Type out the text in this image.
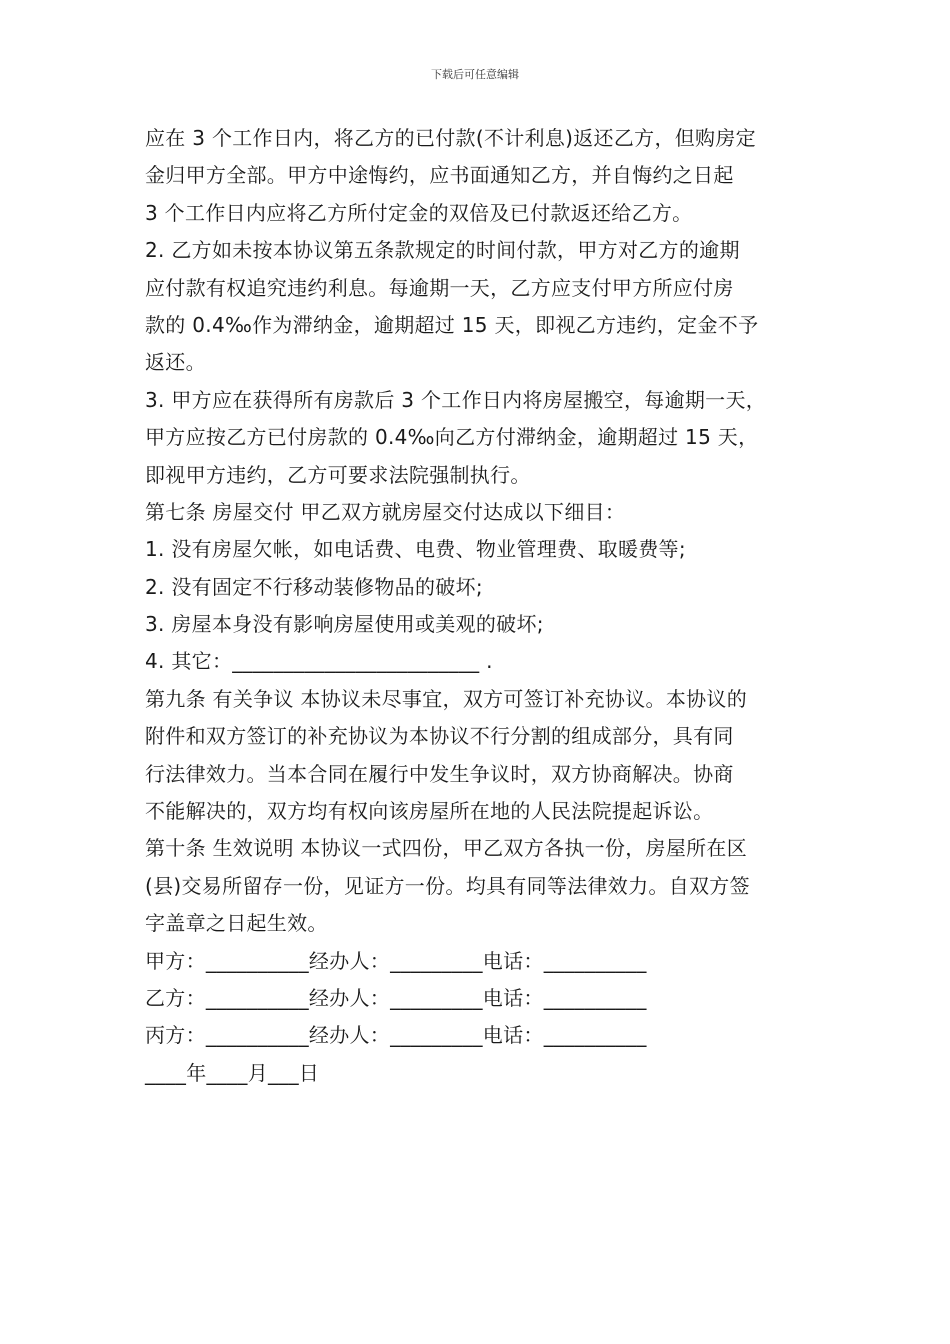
下载后可任意编辑
应在 3 个工作日内，将乙方的已付款(不计利息)返还乙方，但购房定
金归甲方全部。甲方中途悔约，应书面通知乙方，并自悔约之日起
3 个工作日内应将乙方所付定金的双倍及已付款返还给乙方。
2. 乙方如未按本协议第五条款规定的时间付款，甲方对乙方的逾期
应付款有权追究违约利息。每逾期一天，乙方应支付甲方所应付房
款的 0.4‰作为滞纳金，逾期超过 15 天，即视乙方违约，定金不予
返还。
3. 甲方应在获得所有房款后 3 个工作日内将房屋搬空，每逾期一天，
甲方应按乙方已付房款的 0.4‰向乙方付滞纳金，逾期超过 15 天，
即视甲方违约，乙方可要求法院强制执行。
第七条 房屋交付 甲乙双方就房屋交付达成以下细目：
1. 没有房屋欠帐，如电话费、电费、物业管理费、取暖费等;
2. 没有固定不行移动装修物品的破坏;
3. 房屋本身没有影响房屋使用或美观的破坏;
4. 其它：________________________ .
第九条 有关争议 本协议未尽事宜，双方可签订补充协议。本协议的
附件和双方签订的补充协议为本协议不行分割的组成部分，具有同
行法律效力。当本合同在履行中发生争议时，双方协商解决。协商
不能解决的，双方均有权向该房屋所在地的人民法院提起诉讼。
第十条 生效说明 本协议一式四份，甲乙双方各执一份，房屋所在区
(县)交易所留存一份，见证方一份。均具有同等法律效力。自双方签
字盖章之日起生效。
甲方：__________经办人：_________电话：__________
乙方：__________经办人：_________电话：__________
丙方：__________经办人：_________电话：__________
____年____月___日
